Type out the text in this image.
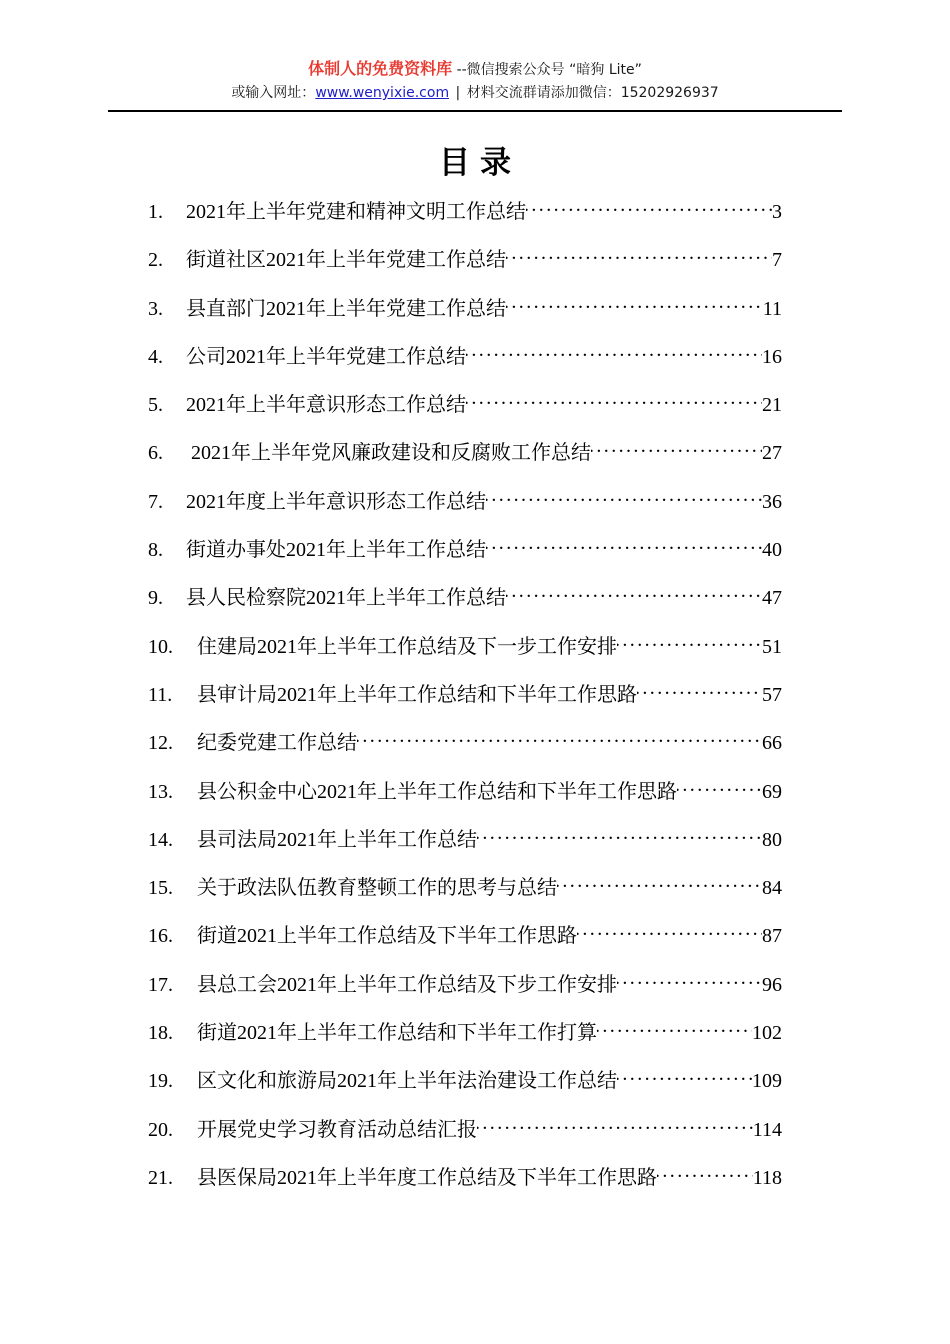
体制人的免费资料库 --微信搜索公众号 “暗狗 Lite”
或输入网址：www.wenyixie.com | 材料交流群请添加微信：15202926937
目录
1.	2021年上半年党建和精神文明工作总结 .....	3
2.	街道社区2021年上半年党建工作总结 .....	7
3.	县直部门2021年上半年党建工作总结 .....	11
4.	公司2021年上半年党建工作总结 .....	16
5.	2021年上半年意识形态工作总结 .....	21
6.	2021年上半年党风廉政建设和反腐败工作总结 .....	27
7.	2021年度上半年意识形态工作总结 .....	36
8.	街道办事处2021年上半年工作总结 .....	40
9.	县人民检察院2021年上半年工作总结 .....	47
10.	住建局2021年上半年工作总结及下一步工作安排 .....	51
11.	县审计局2021年上半年工作总结和下半年工作思路 .....	57
12.	纪委党建工作总结 .....	66
13.	县公积金中心2021年上半年工作总结和下半年工作思路 .....	69
14.	县司法局2021年上半年工作总结 .....	80
15.	关于政法队伍教育整顿工作的思考与总结 .....	84
16.	街道2021上半年工作总结及下半年工作思路 .....	87
17.	县总工会2021年上半年工作总结及下步工作安排 .....	96
18.	街道2021年上半年工作总结和下半年工作打算 .....	102
19.	区文化和旅游局2021年上半年法治建设工作总结 .....	109
20.	开展党史学习教育活动总结汇报 .....	114
21.	县医保局2021年上半年度工作总结及下半年工作思路 .....	118
